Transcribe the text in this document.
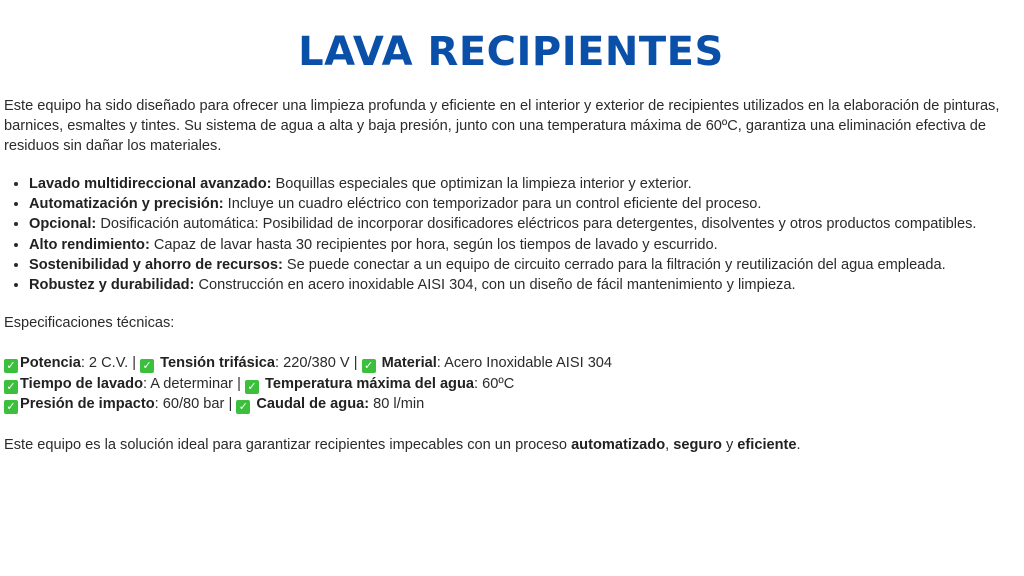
LAVA RECIPIENTES

Este equipo ha sido diseñado para ofrecer una limpieza profunda y eficiente en el interior y exterior de recipientes utilizados en la elaboración de pinturas, barnices, esmaltes y tintes. Su sistema de agua a alta y baja presión, junto con una temperatura máxima de 60ºC, garantiza una eliminación efectiva de residuos sin dañar los materiales.

• Lavado multidireccional avanzado: Boquillas especiales que optimizan la limpieza interior y exterior.
• Automatización y precisión: Incluye un cuadro eléctrico con temporizador para un control eficiente del proceso.
• Opcional: Dosificación automática: Posibilidad de incorporar dosificadores eléctricos para detergentes, disolventes y otros productos compatibles.
• Alto rendimiento: Capaz de lavar hasta 30 recipientes por hora, según los tiempos de lavado y escurrido.
• Sostenibilidad y ahorro de recursos: Se puede conectar a un equipo de circuito cerrado para la filtración y reutilización del agua empleada.
• Robustez y durabilidad: Construcción en acero inoxidable AISI 304, con un diseño de fácil mantenimiento y limpieza.

Especificaciones técnicas:

✓ Potencia: 2 C.V. | ✓ Tensión trifásica: 220/380 V | ✓ Material: Acero Inoxidable AISI 304
✓ Tiempo de lavado: A determinar | ✓ Temperatura máxima del agua: 60ºC
✓ Presión de impacto: 60/80 bar | ✓ Caudal de agua: 80 l/min

Este equipo es la solución ideal para garantizar recipientes impecables con un proceso automatizado, seguro y eficiente.
